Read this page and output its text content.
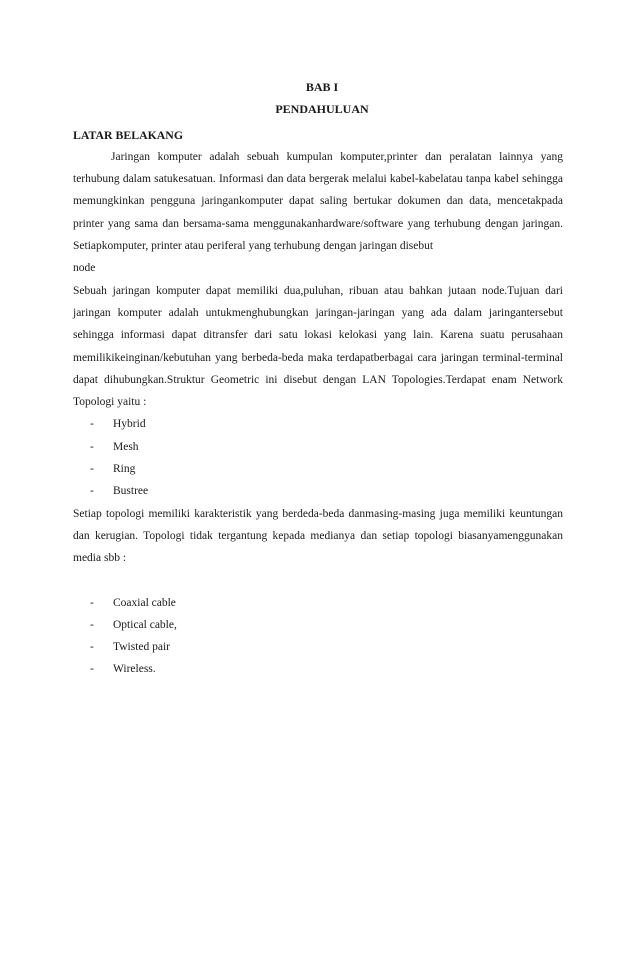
BAB I
PENDAHULUAN
LATAR BELAKANG

Jaringan komputer adalah sebuah kumpulan komputer,printer dan peralatan lainnya yang terhubung dalam satukesatuan. Informasi dan data bergerak melalui kabel-kabelatau tanpa kabel sehingga memungkinkan pengguna jaringankomputer dapat saling bertukar dokumen dan data, mencetakpada printer yang sama dan bersama-sama menggunakanhardware/software yang terhubung dengan jaringan. Setiapkomputer, printer atau periferal yang terhubung dengan jaringan disebut

node

Sebuah jaringan komputer dapat memiliki dua,puluhan, ribuan atau bahkan jutaan node.Tujuan dari jaringan komputer adalah untukmenghubungkan jaringan-jaringan yang ada dalam jaringantersebut sehingga informasi dapat ditransfer dari satu lokasi kelokasi yang lain. Karena suatu perusahaan memilikikeinginan/kebutuhan yang berbeda-beda maka terdapatberbagai cara jaringan terminal-terminal dapat dihubungkan.Struktur Geometric ini disebut dengan LAN Topologies.Terdapat enam Network Topologi yaitu :

- Hybrid
- Mesh
- Ring
- Bustree

Setiap topologi memiliki karakteristik yang berdeda-beda danmasing-masing juga memiliki keuntungan dan kerugian. Topologi tidak tergantung kepada medianya dan setiap topologi biasanyamenggunakan media sbb :

- Coaxial cable
- Optical cable,
- Twisted pair
- Wireless.
